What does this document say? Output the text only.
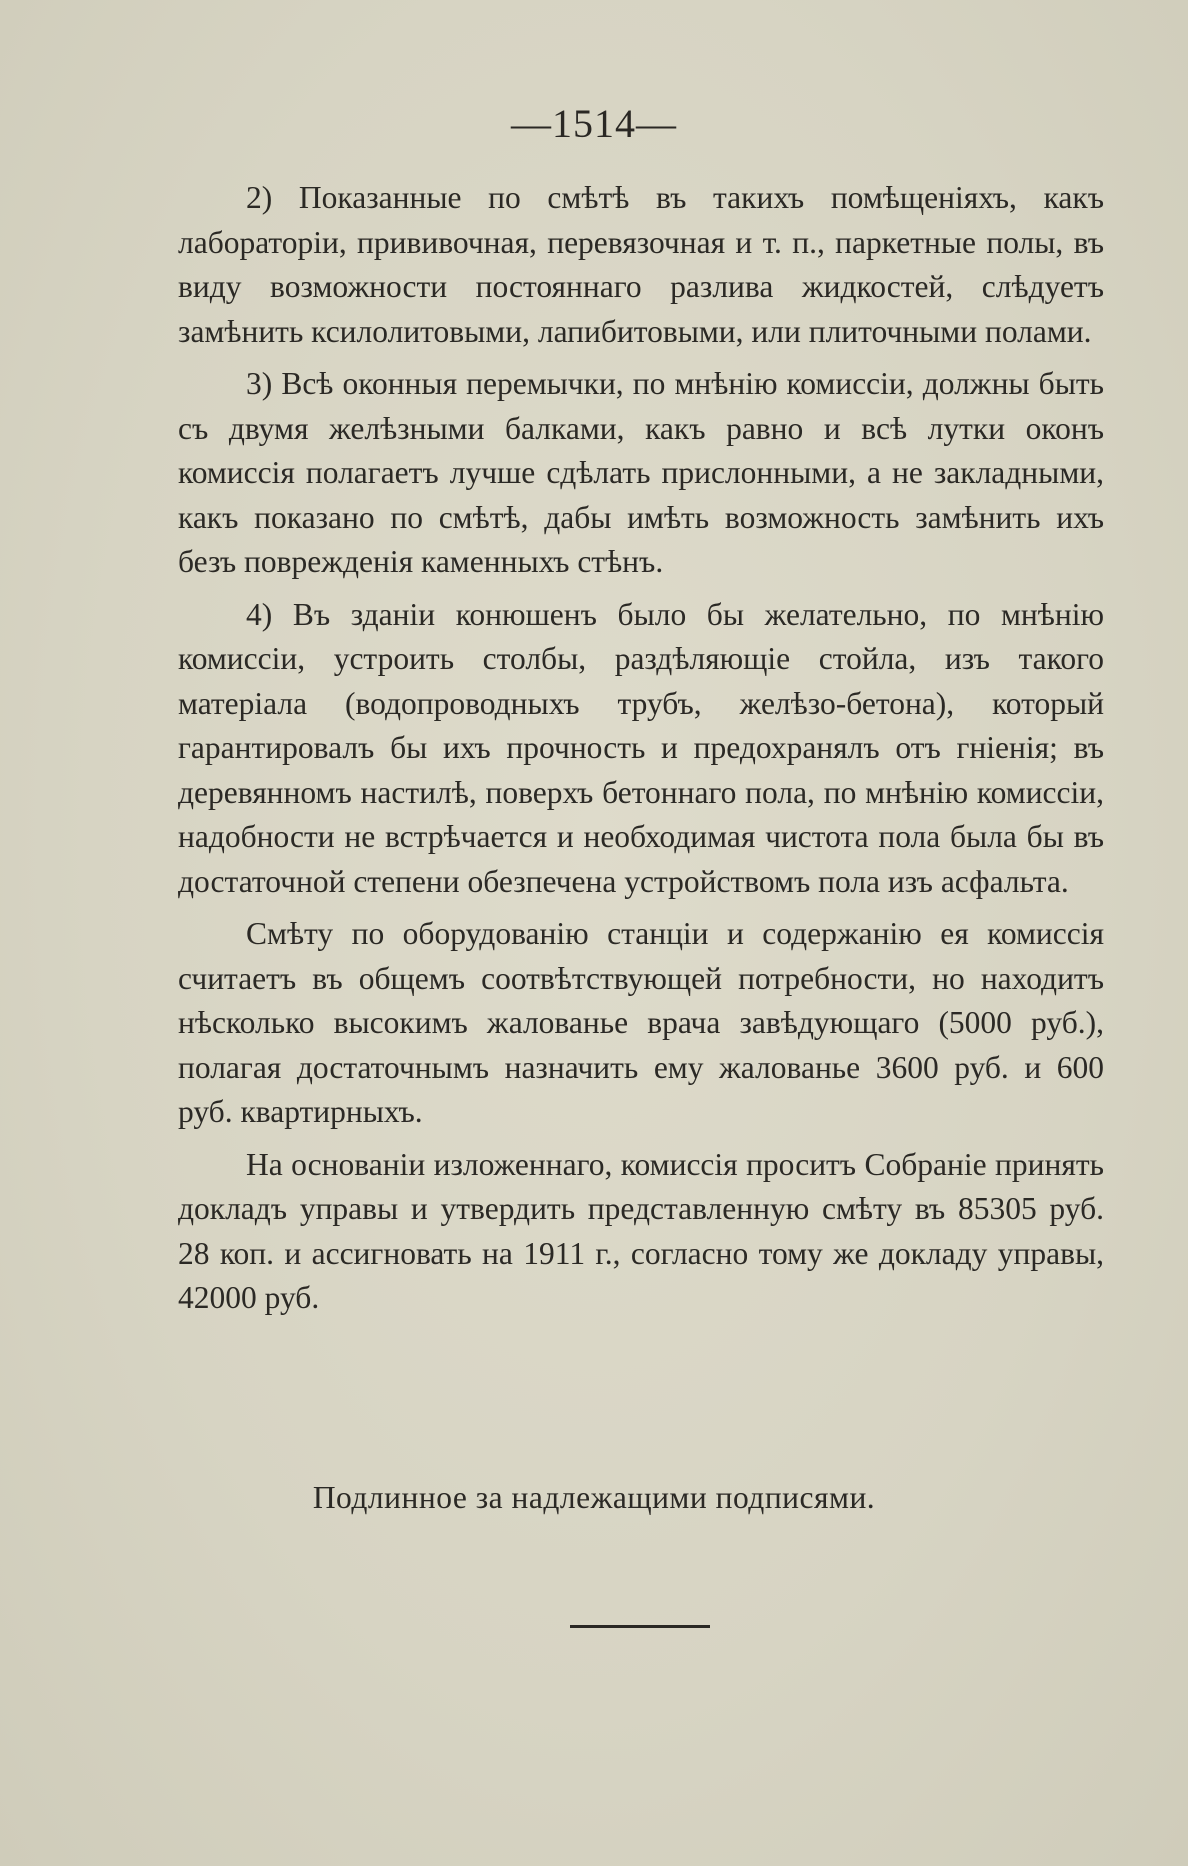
—1514—

2) Показанные по смѣтѣ въ такихъ помѣщеніяхъ, какъ лабораторіи, прививочная, перевязочная и т. п., паркетные полы, въ виду возможности постояннаго разлива жидкостей, слѣдуетъ замѣнить ксилолитовыми, лапибитовыми, или плиточными полами.

3) Всѣ оконныя перемычки, по мнѣнію комиссіи, должны быть съ двумя желѣзными балками, какъ равно и всѣ лутки оконъ комиссія полагаетъ лучше сдѣлать прислонными, а не закладными, какъ показано по смѣтѣ, дабы имѣть возможность замѣнить ихъ безъ поврежденія каменныхъ стѣнъ.

4) Въ зданіи конюшенъ было бы желательно, по мнѣнію комиссіи, устроить столбы, раздѣляющіе стойла, изъ такого матеріала (водопроводныхъ трубъ, желѣзо-бетона), который гарантировалъ бы ихъ прочность и предохранялъ отъ гніенія; въ деревянномъ настилѣ, поверхъ бетоннаго пола, по мнѣнію комиссіи, надобности не встрѣчается и необходимая чистота пола была бы въ достаточной степени обезпечена устройствомъ пола изъ асфальта.

Смѣту по оборудованію станціи и содержанію ея комиссія считаетъ въ общемъ соотвѣтствующей потребности, но находитъ нѣсколько высокимъ жалованье врача завѣдующаго (5000 руб.), полагая достаточнымъ назначить ему жалованье 3600 руб. и 600 руб. квартирныхъ.

На основаніи изложеннаго, комиссія проситъ Собраніе принять докладъ управы и утвердить представленную смѣту въ 85305 руб. 28 коп. и ассигновать на 1911 г., согласно тому же докладу управы, 42000 руб.

Подлинное за надлежащими подписями.
